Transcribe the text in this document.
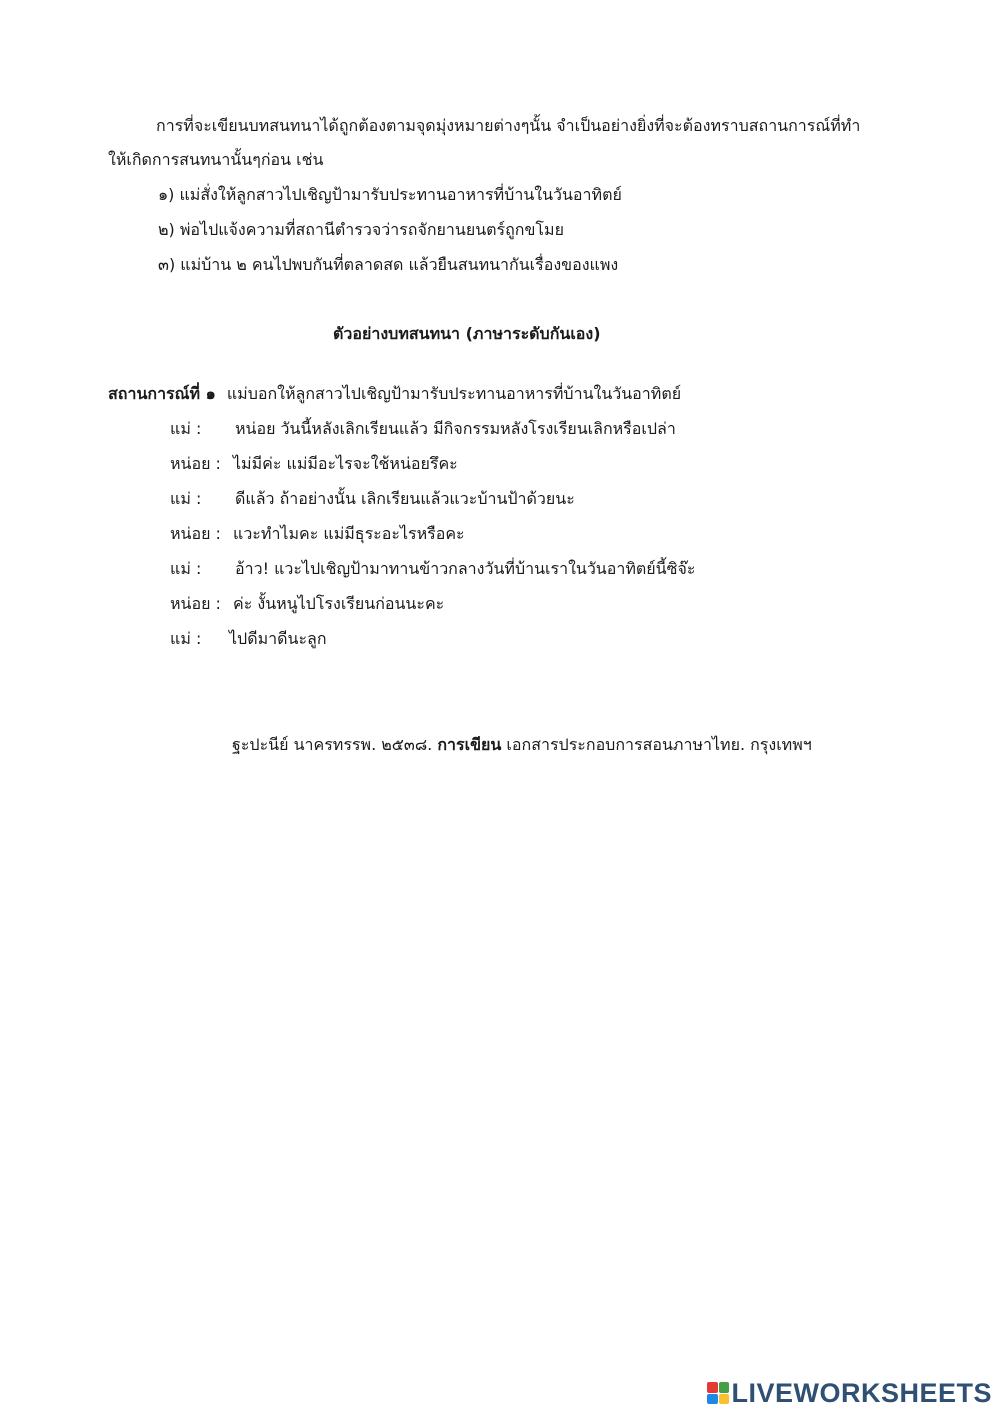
การที่จะเขียนบทสนทนาได้ถูกต้องตามจุดมุ่งหมายต่างๆนั้น จำเป็นอย่างยิ่งที่จะต้องทราบสถานการณ์ที่ทำ
ให้เกิดการสนทนานั้นๆก่อน เช่น
๑) แม่สั่งให้ลูกสาวไปเชิญป้ามารับประทานอาหารที่บ้านในวันอาทิตย์
๒) พ่อไปแจ้งความที่สถานีตำรวจว่ารถจักยานยนตร์ถูกขโมย
๓) แม่บ้าน ๒ คนไปพบกันที่ตลาดสด แล้วยืนสนทนากันเรื่องของแพง
ตัวอย่างบทสนทนา (ภาษาระดับกันเอง)
สถานการณ์ที่ ๑ แม่บอกให้ลูกสาวไปเชิญป้ามารับประทานอาหารที่บ้านในวันอาทิตย์
แม่ : หน่อย วันนี้หลังเลิกเรียนแล้ว มีกิจกรรมหลังโรงเรียนเลิกหรือเปล่า
หน่อย : ไม่มีค่ะ แม่มีอะไรจะใช้หน่อยรึคะ
แม่ : ดีแล้ว ถ้าอย่างนั้น เลิกเรียนแล้วแวะบ้านป้าด้วยนะ
หน่อย : แวะทำไมคะ แม่มีธุระอะไรหรือคะ
แม่ : อ้าว! แวะไปเชิญป้ามาทานข้าวกลางวันที่บ้านเราในวันอาทิตย์นี้ซิจ๊ะ
หน่อย : ค่ะ งั้นหนูไปโรงเรียนก่อนนะคะ
แม่ : ไปดีมาดีนะลูก
ฐะปะนีย์ นาครทรรพ. ๒๕๓๘. การเขียน เอกสารประกอบการสอนภาษาไทย. กรุงเทพฯ
LIVEWORKSHEETS
